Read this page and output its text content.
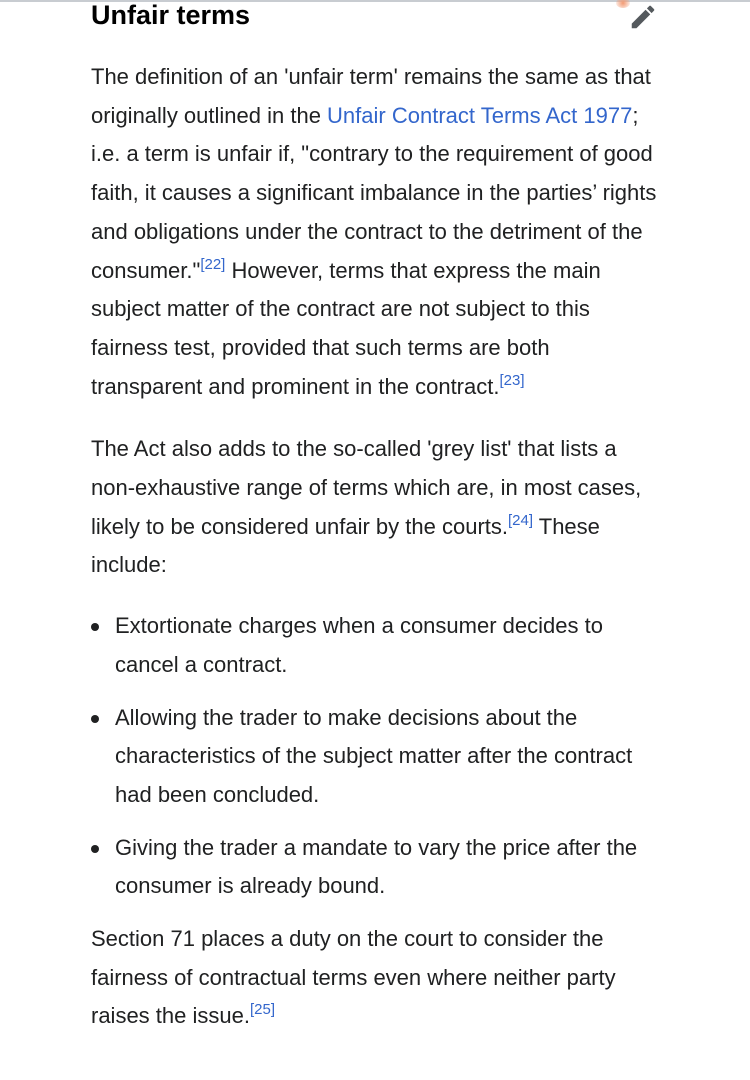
Unfair terms

The definition of an 'unfair term' remains the same as that originally outlined in the Unfair Contract Terms Act 1977; i.e. a term is unfair if, "contrary to the requirement of good faith, it causes a significant imbalance in the parties’ rights and obligations under the contract to the detriment of the consumer."[22] However, terms that express the main subject matter of the contract are not subject to this fairness test, provided that such terms are both transparent and prominent in the contract.[23]

The Act also adds to the so-called 'grey list' that lists a non-exhaustive range of terms which are, in most cases, likely to be considered unfair by the courts.[24] These include:

Extortionate charges when a consumer decides to cancel a contract.
Allowing the trader to make decisions about the characteristics of the subject matter after the contract had been concluded.
Giving the trader a mandate to vary the price after the consumer is already bound.

Section 71 places a duty on the court to consider the fairness of contractual terms even where neither party raises the issue.[25]
